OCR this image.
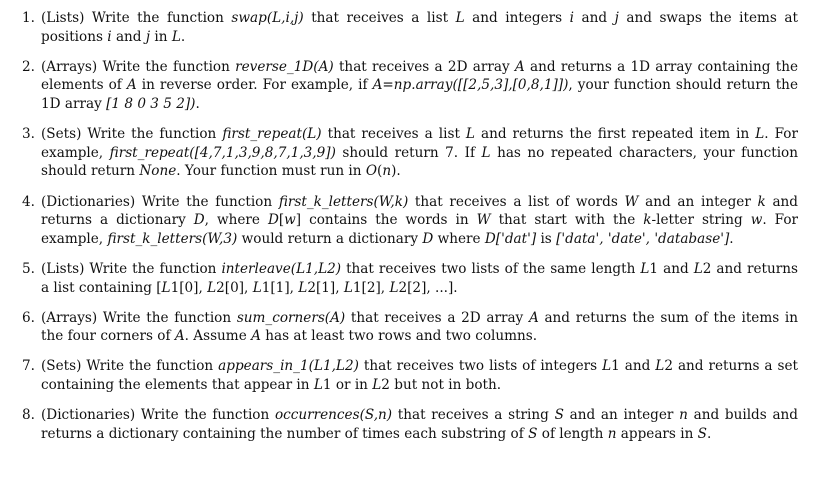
1. (Lists) Write the function swap(L,i,j) that receives a list L and integers i and j and swaps the items at positions i and j in L.
2. (Arrays) Write the function reverse_1D(A) that receives a 2D array A and returns a 1D array containing the elements of A in reverse order. For example, if A=np.array([[2,5,3],[0,8,1]]), your function should return the 1D array [1 8 0 3 5 2]).
3. (Sets) Write the function first_repeat(L) that receives a list L and returns the first repeated item in L. For example, first_repeat([4,7,1,3,9,8,7,1,3,9]) should return 7. If L has no repeated characters, your function should return None. Your function must run in O(n).
4. (Dictionaries) Write the function first_k_letters(W,k) that receives a list of words W and an integer k and returns a dictionary D, where D[w] contains the words in W that start with the k-letter string w. For example, first_k_letters(W,3) would return a dictionary D where D['dat'] is ['data', 'date', 'database'].
5. (Lists) Write the function interleave(L1,L2) that receives two lists of the same length L1 and L2 and returns a list containing [L1[0], L2[0], L1[1], L2[1], L1[2], L2[2], ...].
6. (Arrays) Write the function sum_corners(A) that receives a 2D array A and returns the sum of the items in the four corners of A. Assume A has at least two rows and two columns.
7. (Sets) Write the function appears_in_1(L1,L2) that receives two lists of integers L1 and L2 and returns a set containing the elements that appear in L1 or in L2 but not in both.
8. (Dictionaries) Write the function occurrences(S,n) that receives a string S and an integer n and builds and returns a dictionary containing the number of times each substring of S of length n appears in S.
